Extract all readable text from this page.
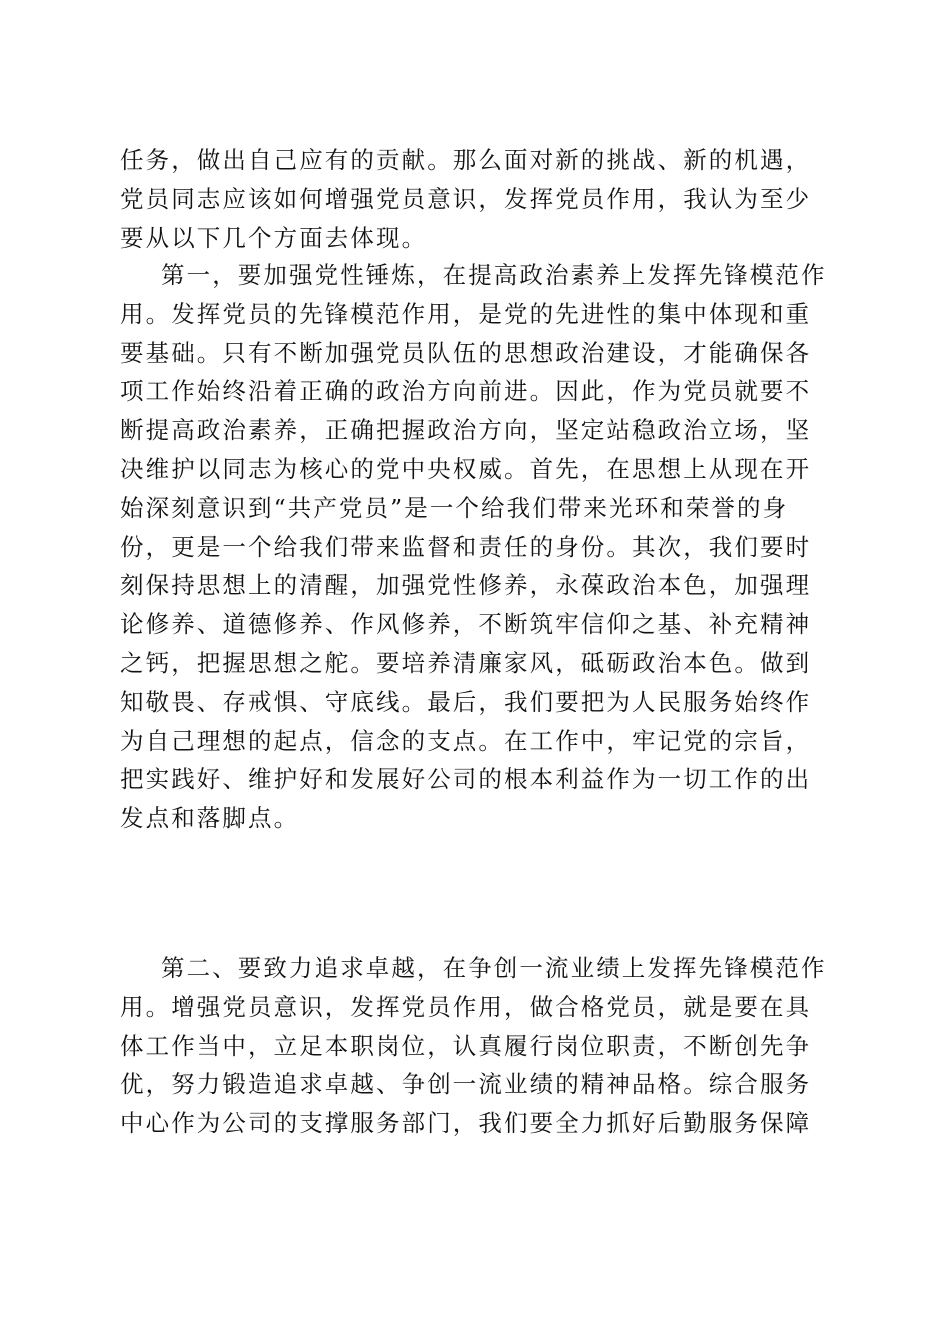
任务，做出自己应有的贡献。那么面对新的挑战、新的机遇，
党员同志应该如何增强党员意识，发挥党员作用，我认为至少
要从以下几个方面去体现。
第一，要加强党性锤炼，在提高政治素养上发挥先锋模范作
用。发挥党员的先锋模范作用，是党的先进性的集中体现和重
要基础。只有不断加强党员队伍的思想政治建设，才能确保各
项工作始终沿着正确的政治方向前进。因此，作为党员就要不
断提高政治素养，正确把握政治方向，坚定站稳政治立场，坚
决维护以同志为核心的党中央权威。首先，在思想上从现在开
始深刻意识到“共产党员”是一个给我们带来光环和荣誉的身
份，更是一个给我们带来监督和责任的身份。其次，我们要时
刻保持思想上的清醒，加强党性修养，永葆政治本色，加强理
论修养、道德修养、作风修养，不断筑牢信仰之基、补充精神
之钙，把握思想之舵。要培养清廉家风，砥砺政治本色。做到
知敬畏、存戒惧、守底线。最后，我们要把为人民服务始终作
为自己理想的起点，信念的支点。在工作中，牢记党的宗旨，
把实践好、维护好和发展好公司的根本利益作为一切工作的出
发点和落脚点。
第二、要致力追求卓越，在争创一流业绩上发挥先锋模范作
用。增强党员意识，发挥党员作用，做合格党员，就是要在具
体工作当中，立足本职岗位，认真履行岗位职责，不断创先争
优，努力锻造追求卓越、争创一流业绩的精神品格。综合服务
中心作为公司的支撑服务部门，我们要全力抓好后勤服务保障
